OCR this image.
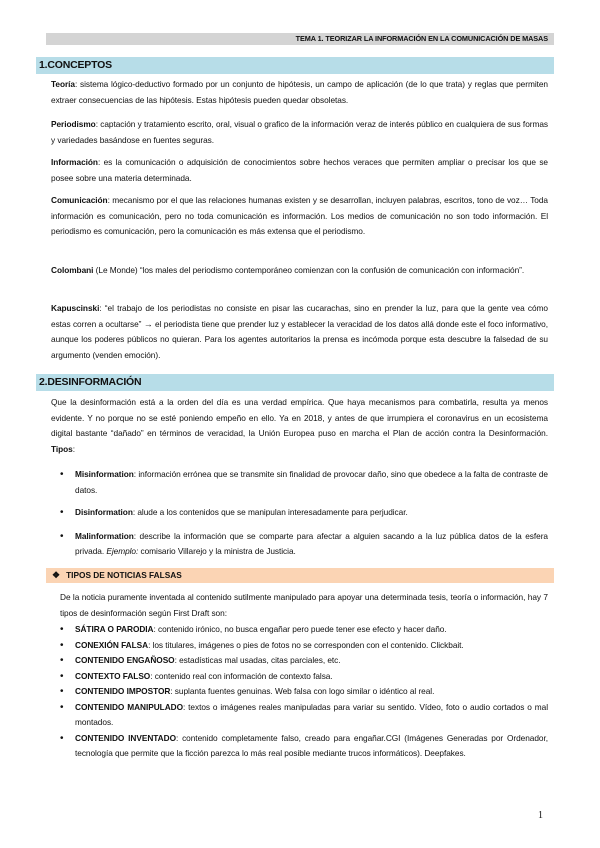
TEMA 1. TEORIZAR LA INFORMACIÓN EN LA COMUNICACIÓN DE MASAS
1.CONCEPTOS

Teoría: sistema lógico-deductivo formado por un conjunto de hipótesis, un campo de aplicación (de lo que trata) y reglas que permiten extraer consecuencias de las hipótesis. Estas hipótesis pueden quedar obsoletas.

Periodismo: captación y tratamiento escrito, oral, visual o grafico de la información veraz de interés público en cualquiera de sus formas y variedades basándose en fuentes seguras.

Información: es la comunicación o adquisición de conocimientos sobre hechos veraces que permiten ampliar o precisar los que se posee sobre una materia determinada.

Comunicación: mecanismo por el que las relaciones humanas existen y se desarrollan, incluyen palabras, escritos, tono de voz… Toda información es comunicación, pero no toda comunicación es información. Los medios de comunicación no son todo información. El periodismo es comunicación, pero la comunicación es más extensa que el periodismo.

Colombani (Le Monde) “los males del periodismo contemporáneo comienzan con la confusión de comunicación con información”.

Kapuscinski: “el trabajo de los periodistas no consiste en pisar las cucarachas, sino en prender la luz, para que la gente vea cómo estas corren a ocultarse” → el periodista tiene que prender luz y establecer la veracidad de los datos allá donde este el foco informativo, aunque los poderes públicos no quieran. Para los agentes autoritarios la prensa es incómoda porque esta descubre la falsedad de su argumento (venden emoción).

2.DESINFORMACIÓN

Que la desinformación está a la orden del día es una verdad empírica. Que haya mecanismos para combatirla, resulta ya menos evidente. Y no porque no se esté poniendo empeño en ello. Ya en 2018, y antes de que irrumpiera el coronavirus en un ecosistema digital bastante “dañado” en términos de veracidad, la Unión Europea puso en marcha el Plan de acción contra la Desinformación. Tipos:

• Misinformation: información errónea que se transmite sin finalidad de provocar daño, sino que obedece a la falta de contraste de datos.
• Disinformation: alude a los contenidos que se manipulan interesadamente para perjudicar.
• Malinformation: describe la información que se comparte para afectar a alguien sacando a la luz pública datos de la esfera privada. Ejemplo: comisario Villarejo y la ministra de Justicia.
❖ TIPOS DE NOTICIAS FALSAS

De la noticia puramente inventada al contenido sutilmente manipulado para apoyar una determinada tesis, teoría o información, hay 7 tipos de desinformación según First Draft son:

• SÁTIRA O PARODIA: contenido irónico, no busca engañar pero puede tener ese efecto y hacer daño.
• CONEXIÓN FALSA: los titulares, imágenes o pies de fotos no se corresponden con el contenido. Clickbait.
• CONTENIDO ENGAÑOSO: estadísticas mal usadas, citas parciales, etc.
• CONTEXTO FALSO: contenido real con información de contexto falsa.
• CONTENIDO IMPOSTOR: suplanta fuentes genuinas. Web falsa con logo similar o idéntico al real.
• CONTENIDO MANIPULADO: textos o imágenes reales manipuladas para variar su sentido. Vídeo, foto o audio cortados o mal montados.
• CONTENIDO INVENTADO: contenido completamente falso, creado para engañar.CGI (Imágenes Generadas por Ordenador, tecnología que permite que la ficción parezca lo más real posible mediante trucos informáticos). Deepfakes.
1
